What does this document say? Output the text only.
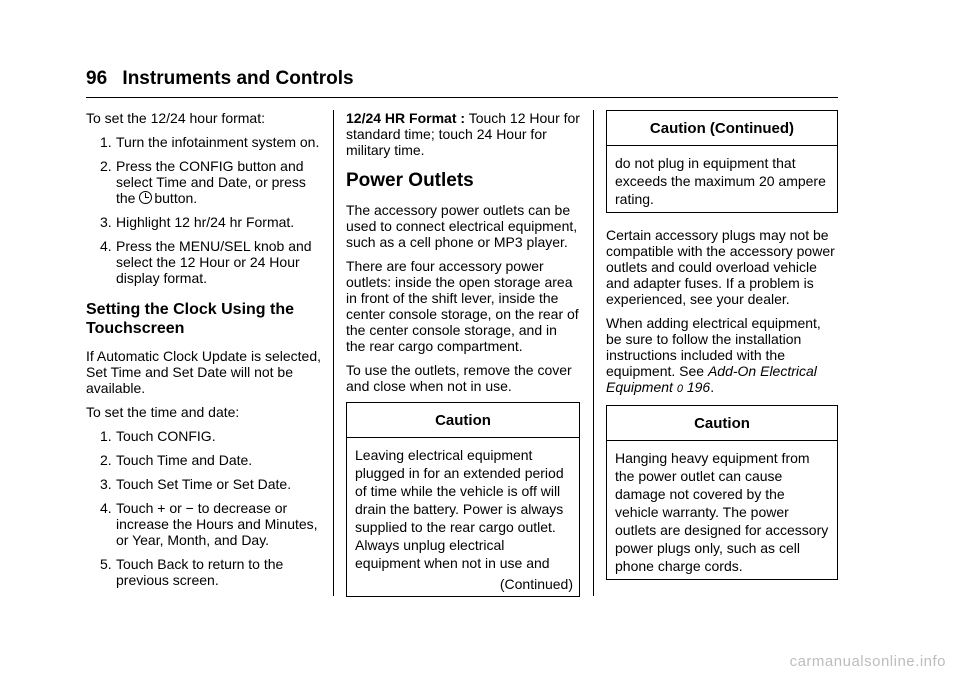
96 Instruments and Controls

To set the 12/24 hour format:

1. Turn the infotainment system on.
2. Press the CONFIG button and select Time and Date, or press the button.
3. Highlight 12 hr/24 hr Format.
4. Press the MENU/SEL knob and select the 12 Hour or 24 Hour display format.
Setting the Clock Using the Touchscreen

If Automatic Clock Update is selected, Set Time and Set Date will not be available.

To set the time and date:

1. Touch CONFIG.
2. Touch Time and Date.
3. Touch Set Time or Set Date.
4. Touch + or − to decrease or increase the Hours and Minutes, or Year, Month, and Day.
5. Touch Back to return to the previous screen.

12/24 HR Format : Touch 12 Hour for standard time; touch 24 Hour for military time.

Power Outlets

The accessory power outlets can be used to connect electrical equipment, such as a cell phone or MP3 player.

There are four accessory power outlets: inside the open storage area in front of the shift lever, inside the center console storage, on the rear of the center console storage, and in the rear cargo compartment.

To use the outlets, remove the cover and close when not in use.

Caution
Leaving electrical equipment plugged in for an extended period of time while the vehicle is off will drain the battery. Power is always supplied to the rear cargo outlet. Always unplug electrical equipment when not in use and
(Continued)
Caution (Continued)
do not plug in equipment that exceeds the maximum 20 ampere rating.

Certain accessory plugs may not be compatible with the accessory power outlets and could overload vehicle and adapter fuses. If a problem is experienced, see your dealer.

When adding electrical equipment, be sure to follow the installation instructions included with the equipment. See Add-On Electrical Equipment 0 196.

Caution
Hanging heavy equipment from the power outlet can cause damage not covered by the vehicle warranty. The power outlets are designed for accessory power plugs only, such as cell phone charge cords.
carmanualsonline.info
